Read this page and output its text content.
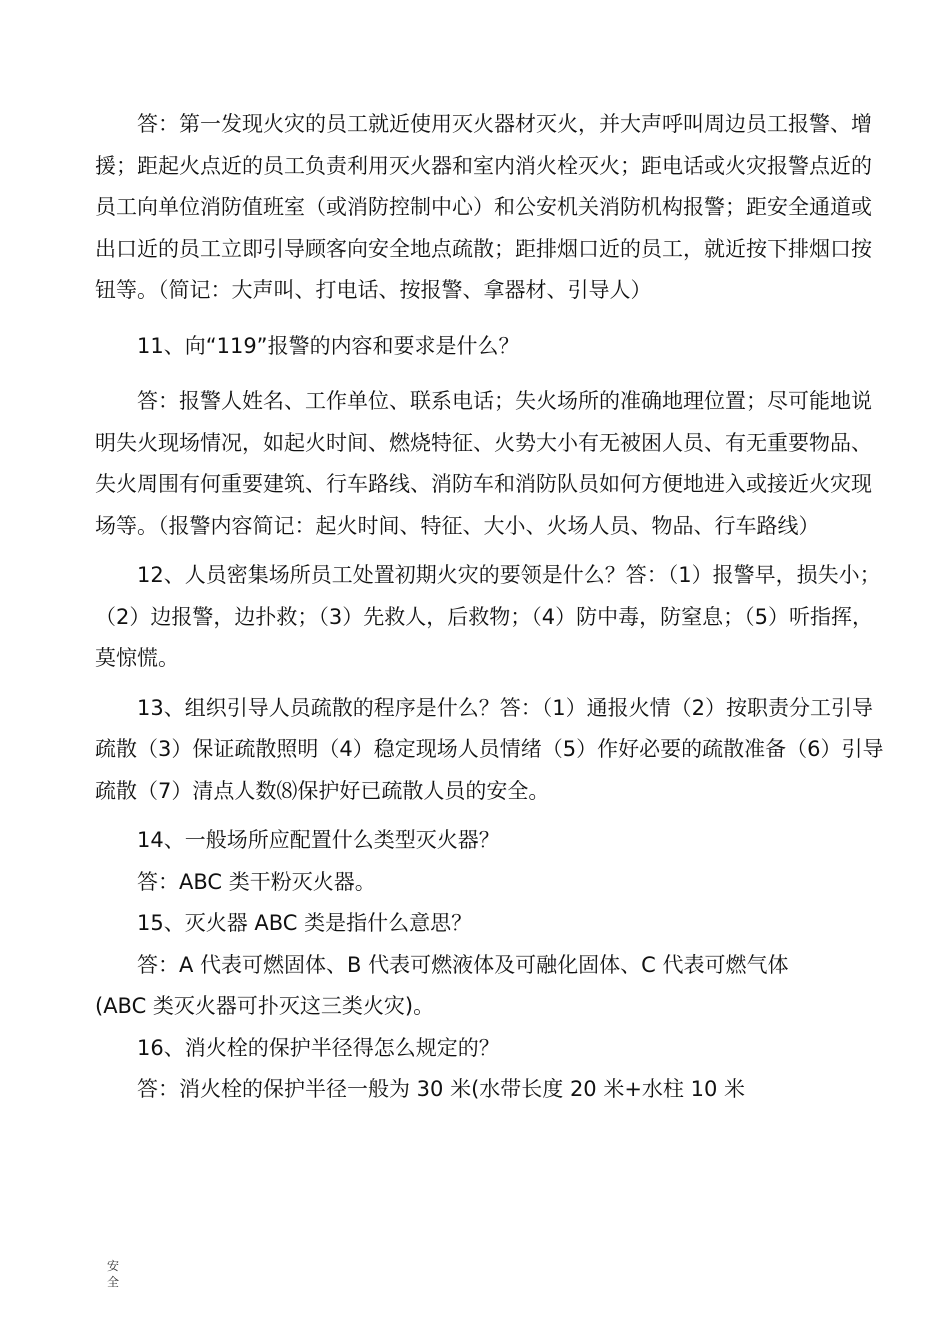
答：第一发现火灾的员工就近使用灭火器材灭火，并大声呼叫周边员工报警、增援；距起火点近的员工负责利用灭火器和室内消火栓灭火；距电话或火灾报警点近的员工向单位消防值班室（或消防控制中心）和公安机关消防机构报警；距安全通道或出口近的员工立即引导顾客向安全地点疏散；距排烟口近的员工，就近按下排烟口按钮等。（简记：大声叫、打电话、按报警、拿器材、引导人）

11、向“119”报警的内容和要求是什么？

答：报警人姓名、工作单位、联系电话；失火场所的准确地理位置；尽可能地说明失火现场情况，如起火时间、燃烧特征、火势大小有无被困人员、有无重要物品、失火周围有何重要建筑、行车路线、消防车和消防队员如何方便地进入或接近火灾现场等。（报警内容简记：起火时间、特征、大小、火场人员、物品、行车路线）

12、人员密集场所员工处置初期火灾的要领是什么？答：（1）报警早，损失小；（2）边报警，边扑救；（3）先救人，后救物；（4）防中毒，防窒息；（5）听指挥，莫惊慌。

13、组织引导人员疏散的程序是什么？答：（1）通报火情（2）按职责分工引导疏散（3）保证疏散照明（4）稳定现场人员情绪（5）作好必要的疏散准备（6）引导疏散（7）清点人数⑻保护好已疏散人员的安全。

14、一般场所应配置什么类型灭火器？

答：ABC 类干粉灭火器。

15、灭火器 ABC 类是指什么意思？

答：A 代表可燃固体、B 代表可燃液体及可融化固体、C 代表可燃气体

(ABC 类灭火器可扑灭这三类火灾)。

16、消火栓的保护半径得怎么规定的？

答：消火栓的保护半径一般为 30 米(水带长度 20 米+水柱 10 米

安全
